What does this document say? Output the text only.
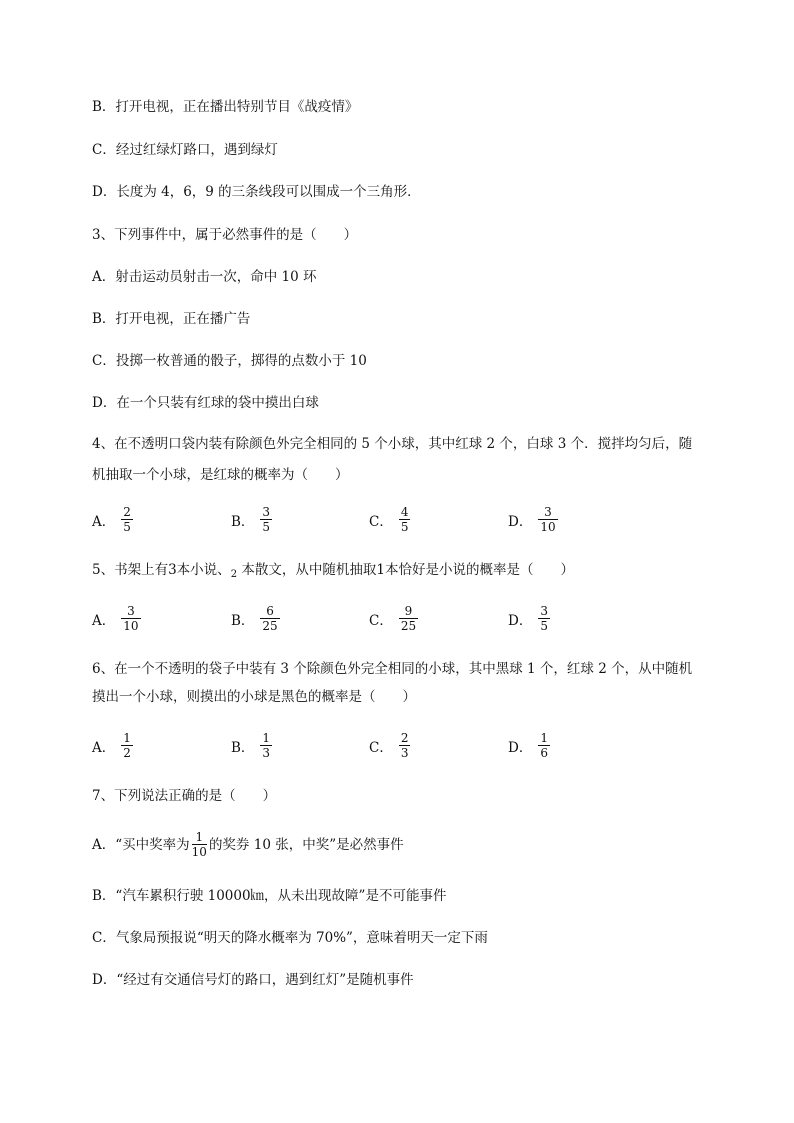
B．打开电视，正在播出特别节目《战疫情》
C．经过红绿灯路口，遇到绿灯
D．长度为 4，6，9 的三条线段可以围成一个三角形．
3、下列事件中，属于必然事件的是（　　）
A．射击运动员射击一次，命中 10 环
B．打开电视，正在播广告
C．投掷一枚普通的骰子，掷得的点数小于 10
D．在一个只装有红球的袋中摸出白球
4、在不透明口袋内装有除颜色外完全相同的 5 个小球，其中红球 2 个，白球 3 个．搅拌均匀后，随
机抽取一个小球，是红球的概率为（　　）
A． $\frac{2}{5}$	B． $\frac{3}{5}$	C． $\frac{4}{5}$	D． $\frac{3}{10}$
5、书架上有3本小说、$_2$ 本散文，从中随机抽取1本恰好是小说的概率是（　　）
A． $\frac{3}{10}$	B． $\frac{6}{25}$	C． $\frac{9}{25}$	D． $\frac{3}{5}$
6、在一个不透明的袋子中装有 3 个除颜色外完全相同的小球，其中黑球 1 个，红球 2 个，从中随机
摸出一个小球，则摸出的小球是黑色的概率是（　　）
A． $\frac{1}{2}$	B． $\frac{1}{3}$	C． $\frac{2}{3}$	D． $\frac{1}{6}$
7、下列说法正确的是（　　）
A．“买中奖率为 $\frac{1}{10}$ 的奖券 10 张，中奖”是必然事件
B．“汽车累积行驶 10000㎞，从未出现故障”是不可能事件
C．气象局预报说“明天的降水概率为 70%”，意味着明天一定下雨
D．“经过有交通信号灯的路口，遇到红灯”是随机事件
